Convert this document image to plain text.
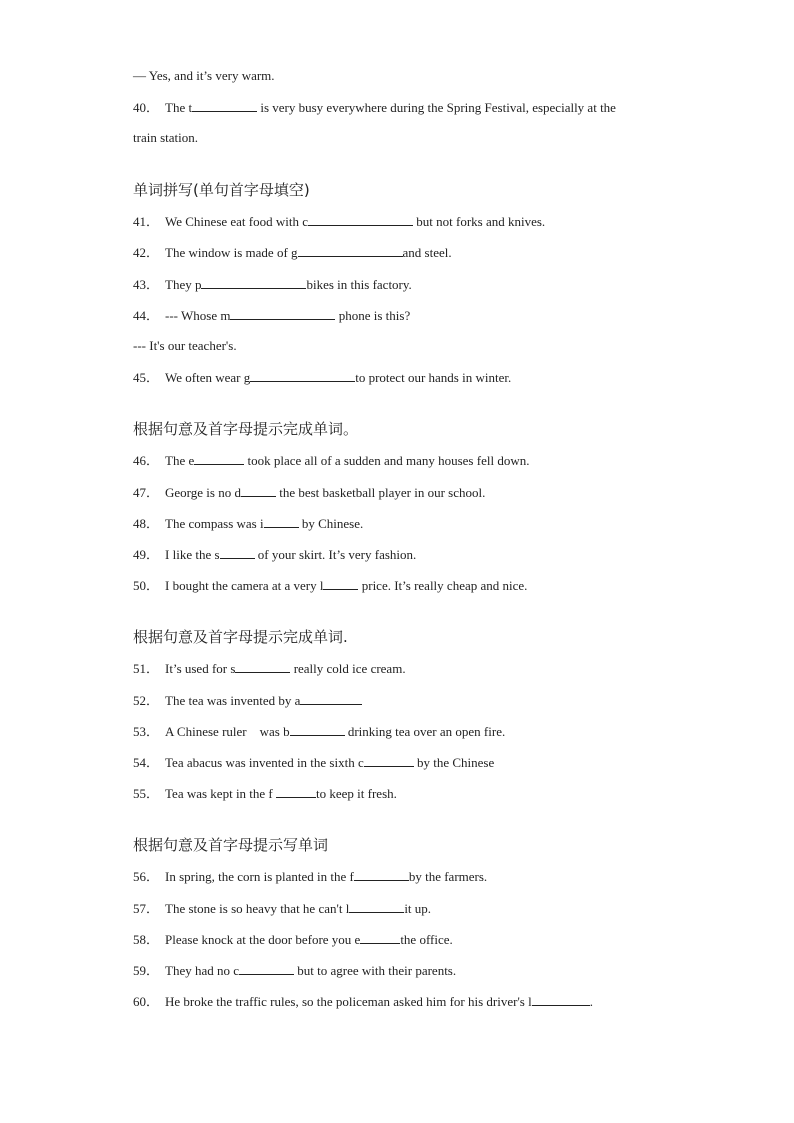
— Yes, and it’s very warm.
40． The t	is very busy everywhere during the Spring Festival, especially at the
train station.
单词拼写(单句首字母填空)
41． We Chinese eat food with c	but not forks and knives.
42． The window is made of g	and steel.
43． They p	bikes in this factory.
44． --- Whose m	phone is this?
--- It's our teacher's.
45． We often wear g	to protect our hands in winter.
根据句意及首字母提示完成单词。
46． The e	took place all of a sudden and many houses fell down.
47． George is no d	the best basketball player in our school.
48． The compass was i	by Chinese.
49． I like the s	of your skirt. It’s very fashion.
50． I bought the camera at a very l	price. It’s really cheap and nice.
根据句意及首字母提示完成单词.
51． It’s used for s	really cold ice cream.
52． The tea was invented by a
53． A Chinese ruler    was b	drinking tea over an open fire.
54． Tea abacus was invented in the sixth c	by the Chinese
55． Tea was kept in the f	to keep it fresh.
根据句意及首字母提示写单词
56． In spring, the corn is planted in the f	by the farmers.
57． The stone is so heavy that he can't l	it up.
58． Please knock at the door before you e	the office.
59． They had no c	but to agree with their parents.
60． He broke the traffic rules, so the policeman asked him for his driver's l	.
